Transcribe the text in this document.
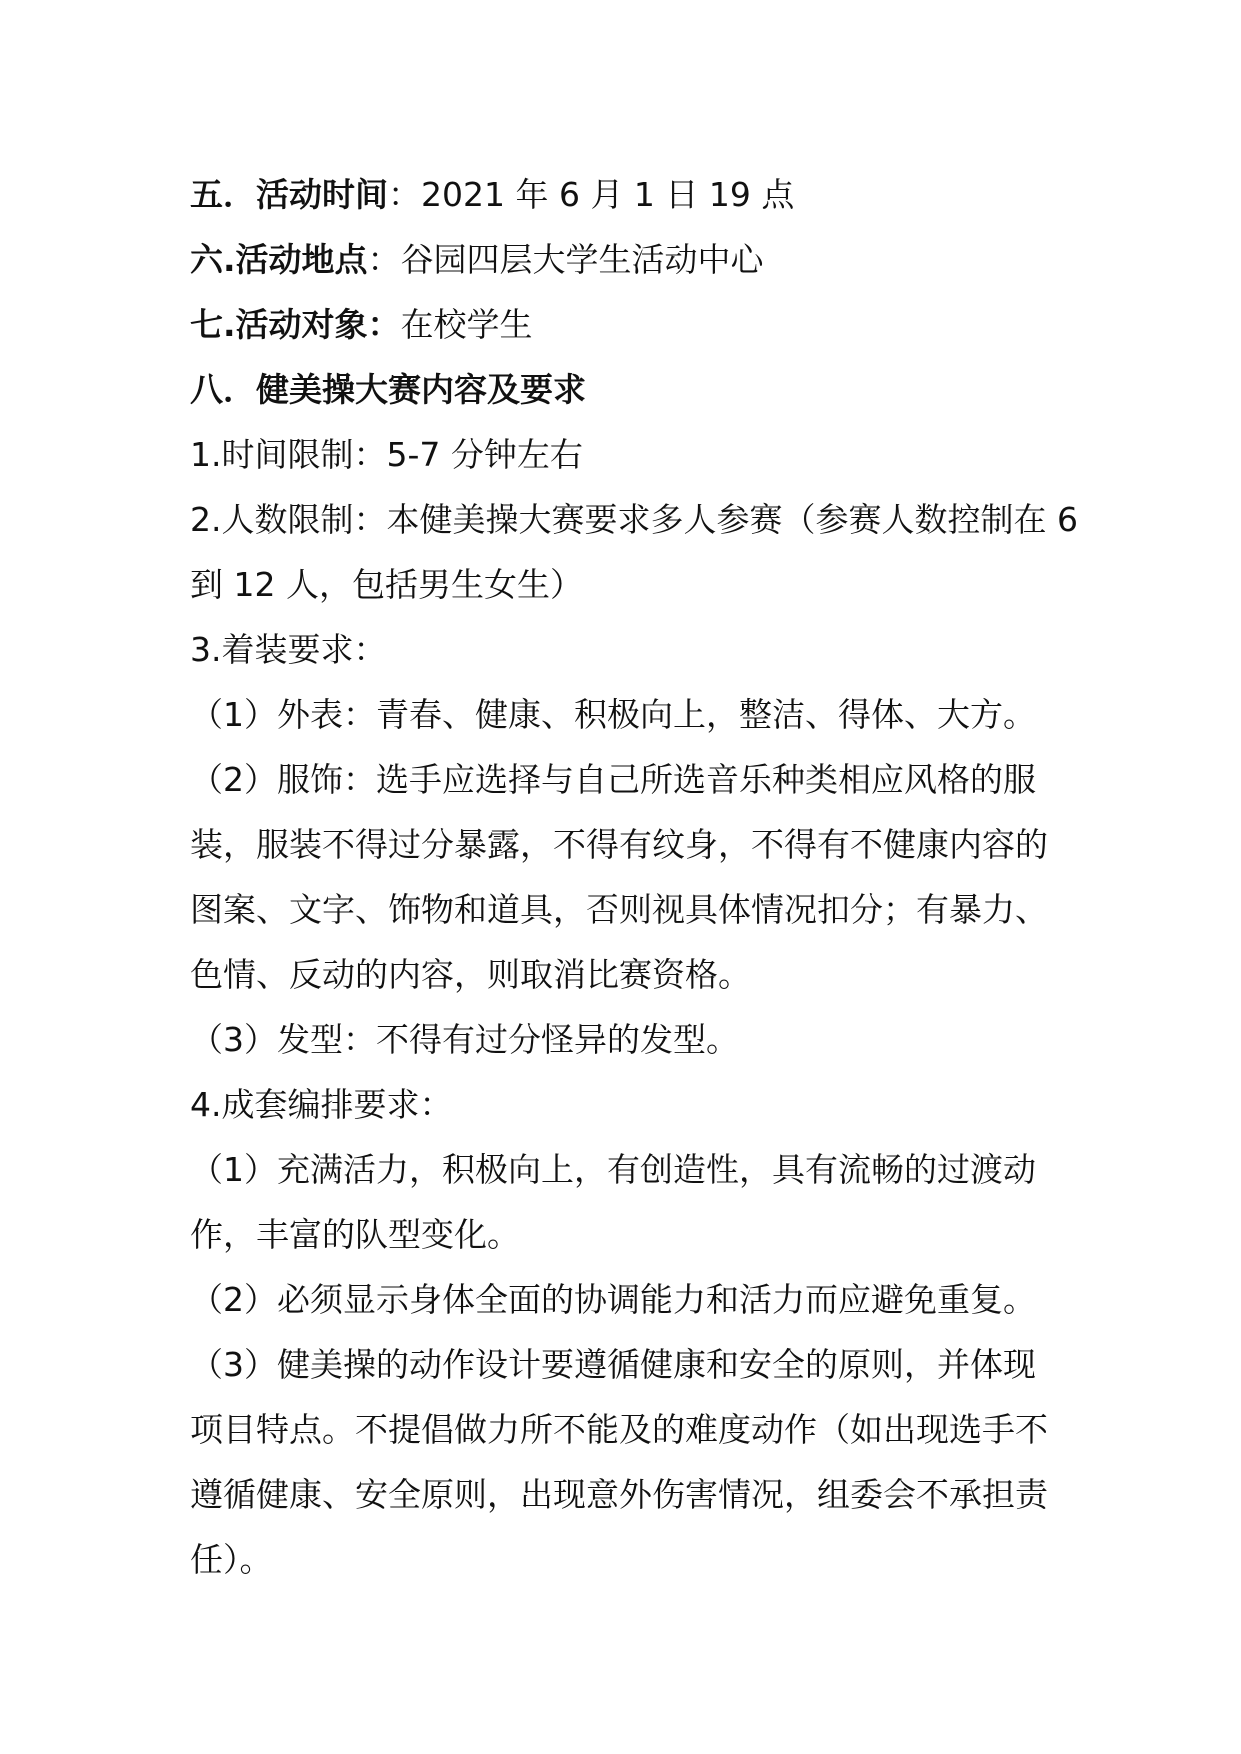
五．活动时间：2021 年 6 月 1 日 19 点
六.活动地点：谷园四层大学生活动中心
七.活动对象：在校学生
八．健美操大赛内容及要求
1.时间限制：5-7 分钟左右
2.人数限制：本健美操大赛要求多人参赛（参赛人数控制在 6
到 12 人，包括男生女生）
3.着装要求：
（1）外表：青春、健康、积极向上，整洁、得体、大方。
（2）服饰：选手应选择与自己所选音乐种类相应风格的服
装，服装不得过分暴露，不得有纹身，不得有不健康内容的
图案、文字、饰物和道具，否则视具体情况扣分；有暴力、
色情、反动的内容，则取消比赛资格。
（3）发型：不得有过分怪异的发型。
4.成套编排要求：
（1）充满活力，积极向上，有创造性，具有流畅的过渡动
作，丰富的队型变化。
（2）必须显示身体全面的协调能力和活力而应避免重复。
（3）健美操的动作设计要遵循健康和安全的原则，并体现
项目特点。不提倡做力所不能及的难度动作（如出现选手不
遵循健康、安全原则，出现意外伤害情况，组委会不承担责
任）。
